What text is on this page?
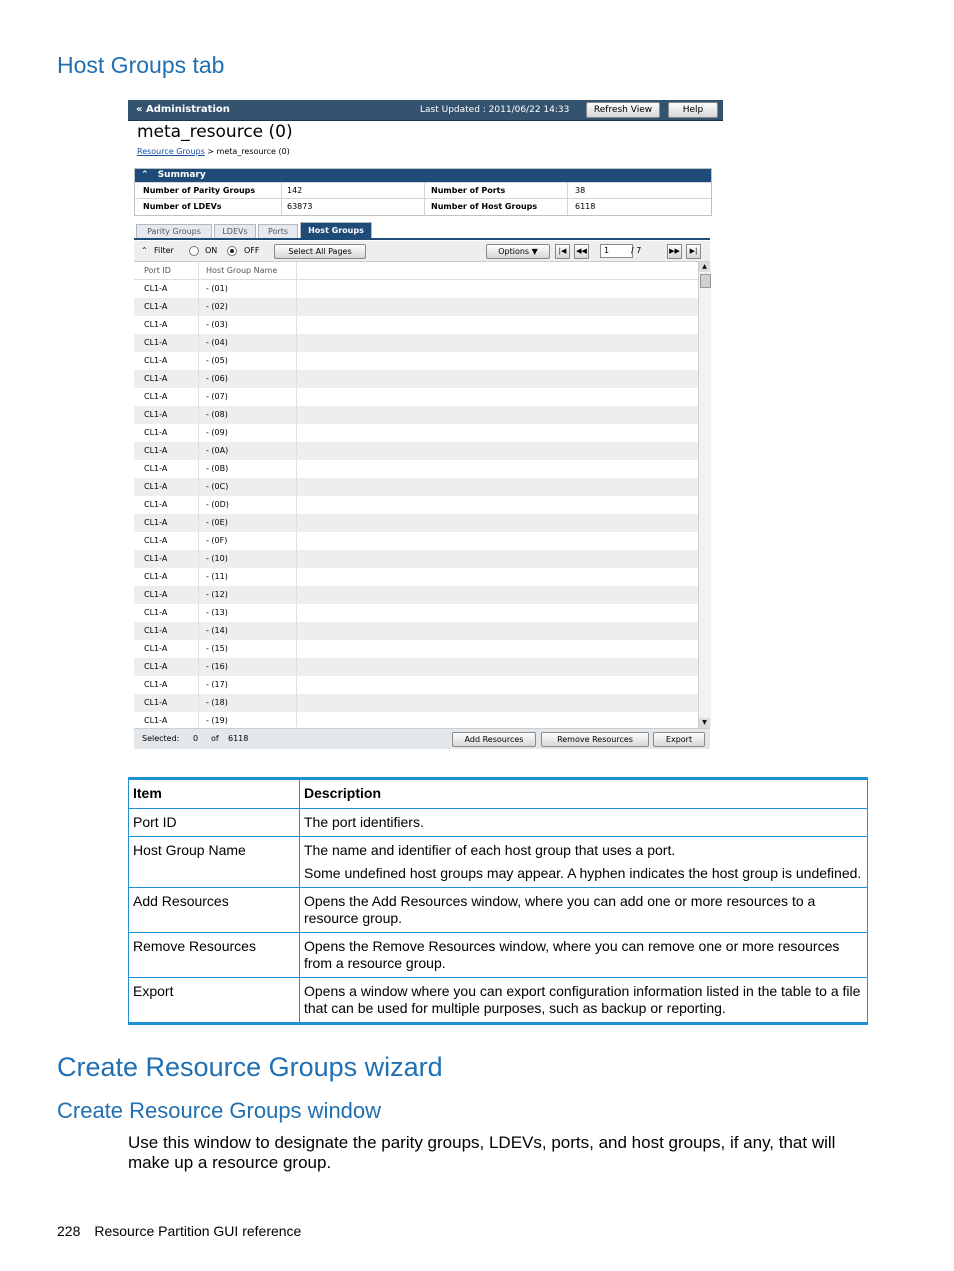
Host Groups tab
« Administration	Last Updated : 2011/06/22 14:33	Refresh View	Help
meta_resource (0)
Resource Groups > meta_resource (0)
⌃ Summary
Number of Parity Groups	142	Number of Ports	38
Number of LDEVs	63873	Number of Host Groups	6118
Parity Groups	LDEVs	Ports	Host Groups
⌃ Filter	ON	OFF	Select All Pages	Options ▼	|◀	◀◀	1	/ 7	▶▶	▶|
Port ID	Host Group Name
CL1-A	- (01)
CL1-A	- (02)
CL1-A	- (03)
CL1-A	- (04)
CL1-A	- (05)
CL1-A	- (06)
CL1-A	- (07)
CL1-A	- (08)
CL1-A	- (09)
CL1-A	- (0A)
CL1-A	- (0B)
CL1-A	- (0C)
CL1-A	- (0D)
CL1-A	- (0E)
CL1-A	- (0F)
CL1-A	- (10)
CL1-A	- (11)
CL1-A	- (12)
CL1-A	- (13)
CL1-A	- (14)
CL1-A	- (15)
CL1-A	- (16)
CL1-A	- (17)
CL1-A	- (18)
CL1-A	- (19)
▲
▼
Selected: 0 of 6118	Add Resources	Remove Resources	Export
Item	Description
Port ID	The port identifiers.

Host Group Name	The name and identifier of each host group that uses a port.

Some undefined host groups may appear. A hyphen indicates the host group is undefined.

Add Resources	Opens the Add Resources window, where you can add one or more resources to a resource group.

Remove Resources	Opens the Remove Resources window, where you can remove one or more resources from a resource group.

Export	Opens a window where you can export configuration information listed in the table to a file that can be used for multiple purposes, such as backup or reporting.

Create Resource Groups wizard
Create Resource Groups window

Use this window to designate the parity groups, LDEVs, ports, and host groups, if any, that will make up a resource group.

228 Resource Partition GUI reference
